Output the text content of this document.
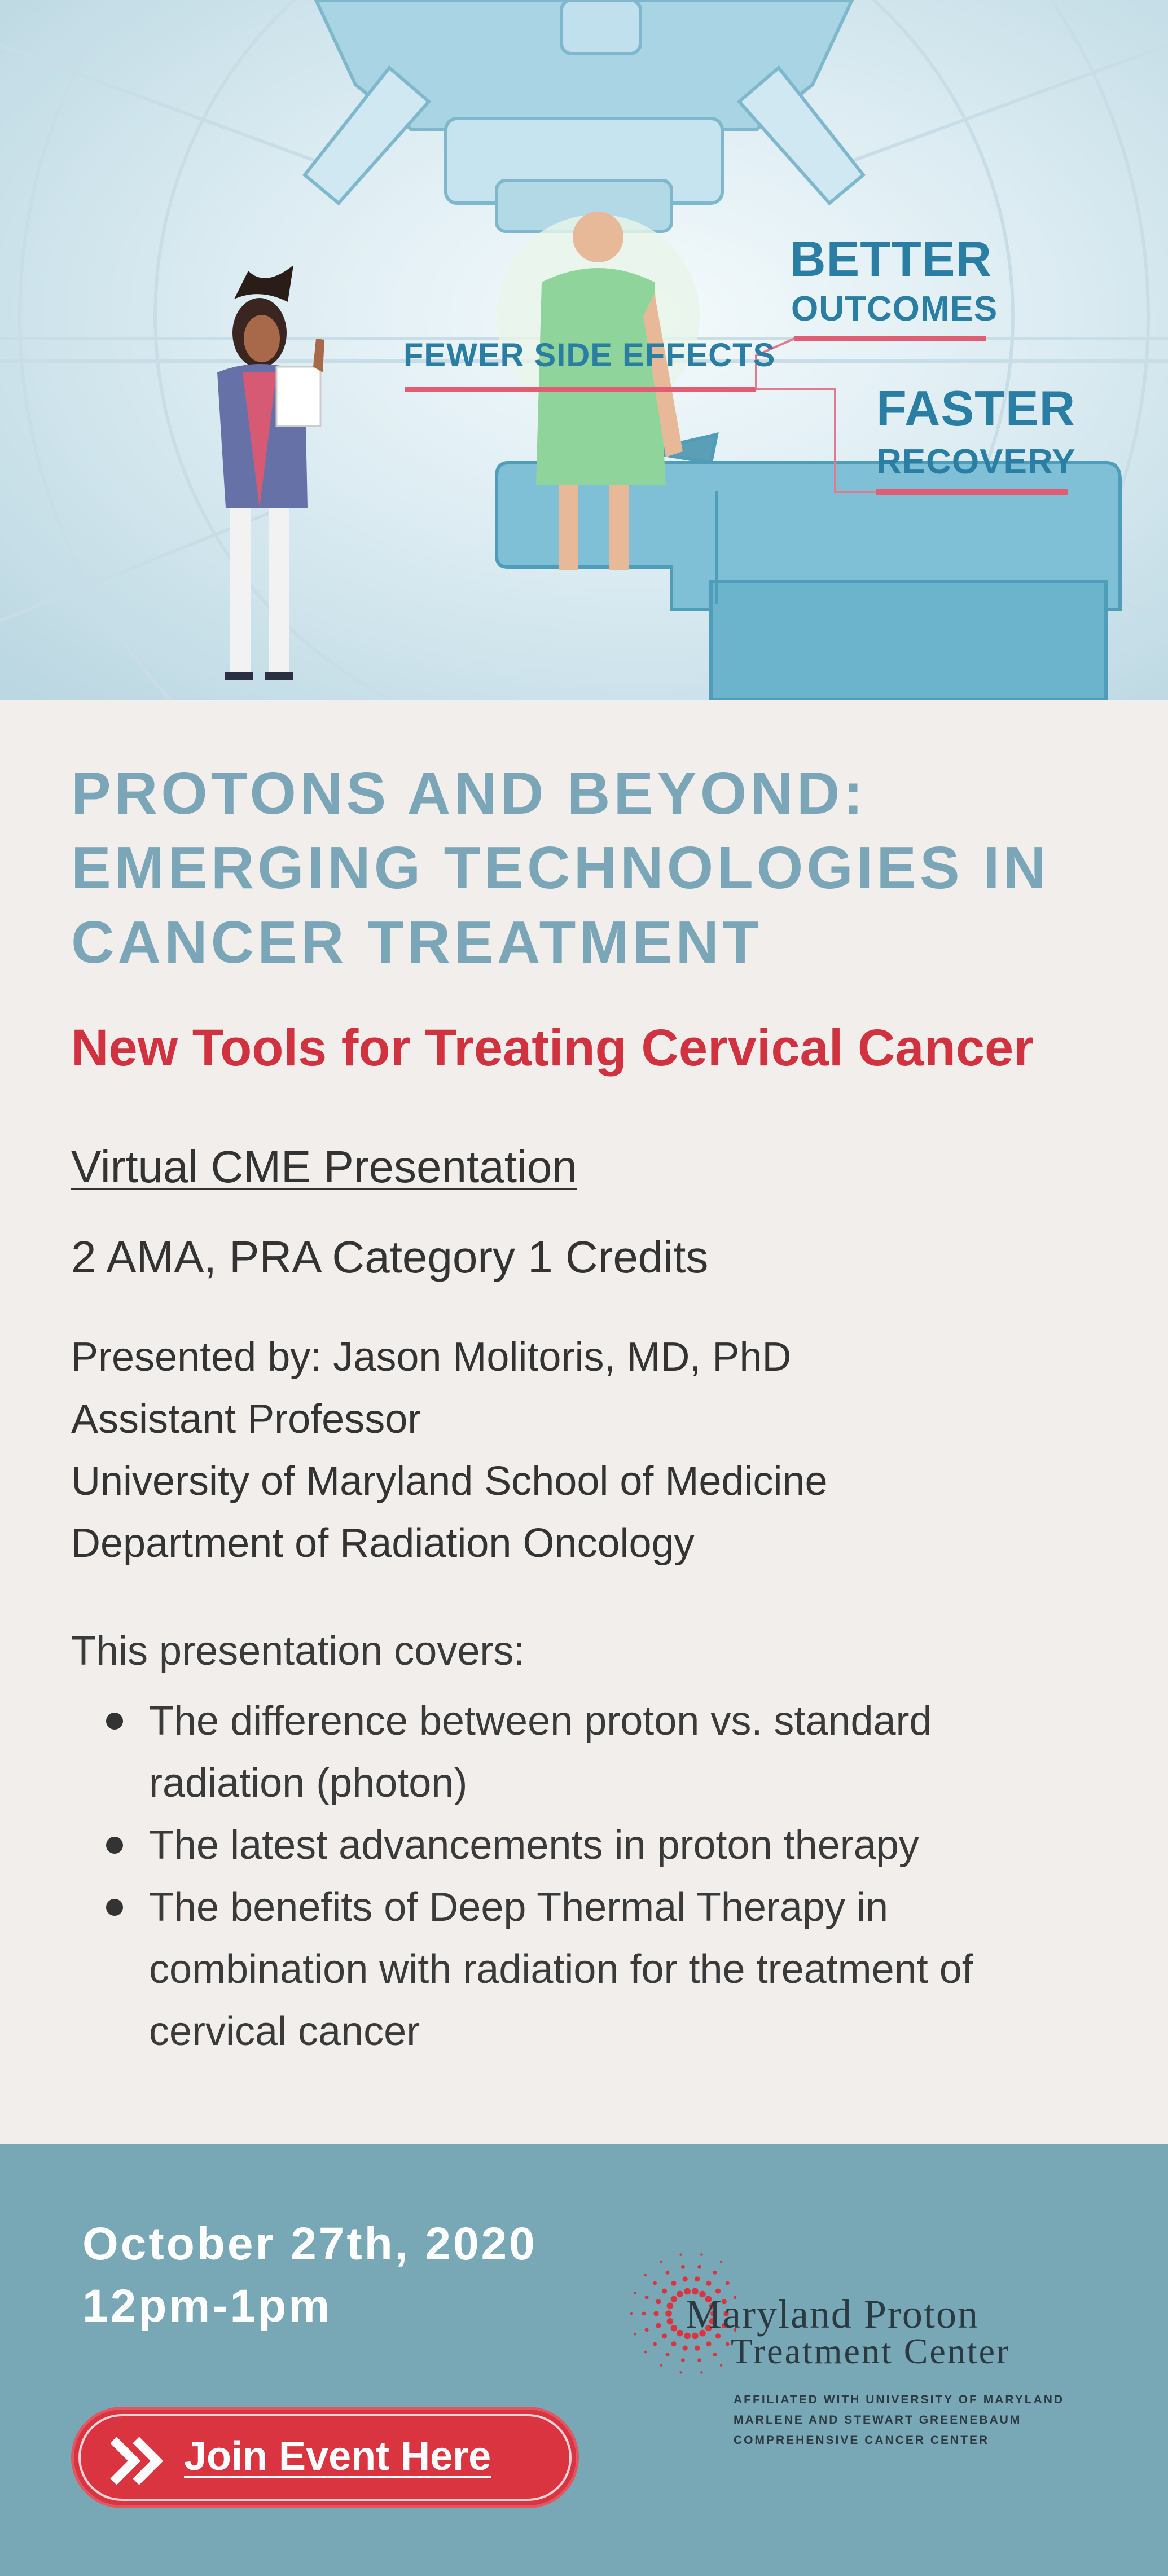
BETTER
OUTCOMES
FEWER SIDE EFFECTS
FASTER
RECOVERY
PROTONS AND BEYOND: EMERGING TECHNOLOGIES IN CANCER TREATMENT
New Tools for Treating Cervical Cancer
Virtual CME Presentation
2 AMA, PRA Category 1 Credits
Presented by: Jason Molitoris, MD, PhD
Assistant Professor
University of Maryland School of Medicine
Department of Radiation Oncology
This presentation covers:
The difference between proton vs. standard radiation (photon)
The latest advancements in proton therapy
The benefits of Deep Thermal Therapy in combination with radiation for the treatment of cervical cancer
October 27th, 2020
12pm-1pm
Join Event Here
Maryland Proton
Treatment Center
AFFILIATED WITH UNIVERSITY OF MARYLAND
MARLENE AND STEWART GREENEBAUM
COMPREHENSIVE CANCER CENTER
